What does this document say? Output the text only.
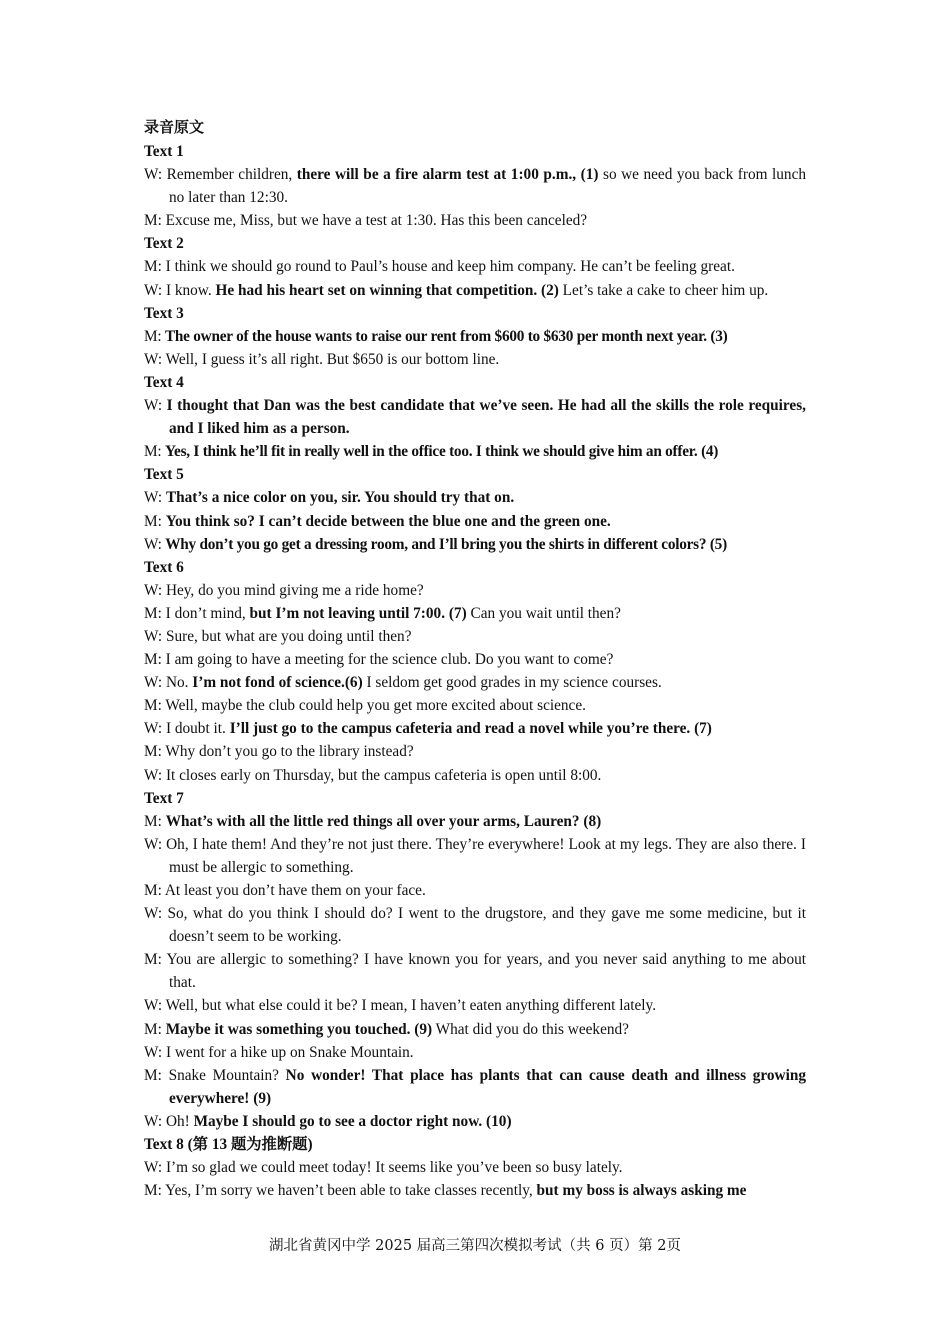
录音原文
Text 1
W: Remember children, there will be a fire alarm test at 1:00 p.m., (1) so we need you back from lunch no later than 12:30.
M: Excuse me, Miss, but we have a test at 1:30. Has this been canceled?
Text 2
M: I think we should go round to Paul’s house and keep him company. He can’t be feeling great.
W: I know. He had his heart set on winning that competition. (2) Let’s take a cake to cheer him up.
Text 3
M: The owner of the house wants to raise our rent from $600 to $630 per month next year. (3)
W: Well, I guess it’s all right. But $650 is our bottom line.
Text 4
W: I thought that Dan was the best candidate that we’ve seen. He had all the skills the role requires, and I liked him as a person.
M: Yes, I think he’ll fit in really well in the office too. I think we should give him an offer. (4)
Text 5
W: That’s a nice color on you, sir. You should try that on.
M: You think so? I can’t decide between the blue one and the green one.
W: Why don’t you go get a dressing room, and I’ll bring you the shirts in different colors? (5)
Text 6
W: Hey, do you mind giving me a ride home?
M: I don’t mind, but I’m not leaving until 7:00. (7) Can you wait until then?
W: Sure, but what are you doing until then?
M: I am going to have a meeting for the science club. Do you want to come?
W: No. I’m not fond of science.(6) I seldom get good grades in my science courses.
M: Well, maybe the club could help you get more excited about science.
W: I doubt it. I’ll just go to the campus cafeteria and read a novel while you’re there. (7)
M: Why don’t you go to the library instead?
W: It closes early on Thursday, but the campus cafeteria is open until 8:00.
Text 7
M: What’s with all the little red things all over your arms, Lauren? (8)
W: Oh, I hate them! And they’re not just there. They’re everywhere! Look at my legs. They are also there. I must be allergic to something.
M: At least you don’t have them on your face.
W: So, what do you think I should do? I went to the drugstore, and they gave me some medicine, but it doesn’t seem to be working.
M: You are allergic to something? I have known you for years, and you never said anything to me about that.
W: Well, but what else could it be? I mean, I haven’t eaten anything different lately.
M: Maybe it was something you touched. (9) What did you do this weekend?
W: I went for a hike up on Snake Mountain.
M: Snake Mountain? No wonder! That place has plants that can cause death and illness growing everywhere! (9)
W: Oh! Maybe I should go to see a doctor right now. (10)
Text 8 (第 13 题为推断题)
W: I’m so glad we could meet today! It seems like you’ve been so busy lately.
M: Yes, I’m sorry we haven’t been able to take classes recently, but my boss is always asking me
湖北省黄冈中学 2025 届高三第四次模拟考试（共 6 页）第 2页
